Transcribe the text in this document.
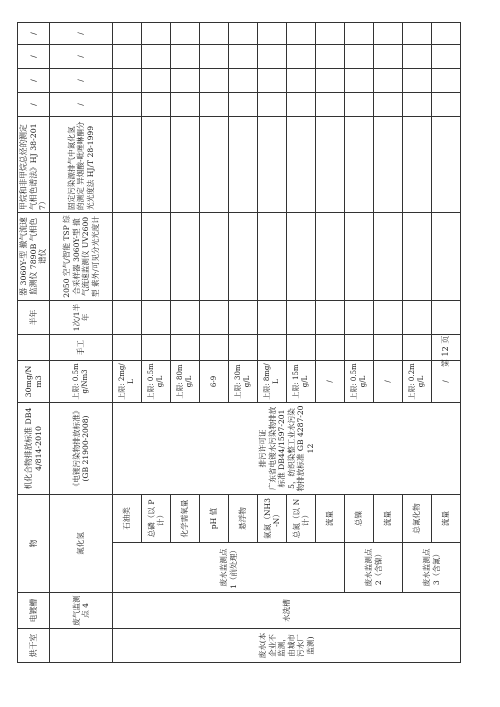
烘干室	电镀槽	物		机化合物排放标准 DB44/814-2010	30mg/Nm3		半年	器 3060Y-型 撤气流速监测仪 7890B 气相色谱仪	甲烷和非甲烷总烃的测定 气相色谱法》HJ 38-2017）	/	/	/	/
	废气监测点 4	氮化氢		《电镀污染物排放标准》(GB 21900-2008)	上限: 0.5mg/Nm3	手工	1次/1半年	2050 空气/智能 TSP 综合采样器 3060Y-型 撤气流速监测仪 UV2600 型 紫外/可见分光光度计	固定污染源排气中氮化氢的测定 异烟酸-吡唑啉酮分光光度法 HJ/T 28-1999	/	/	/	/
废水(本企业不监测，由城市污水厂监测)	水洗槽	废水监测点 1（前处理）	石油类	排污许可证 广东省电镀水污染物排放标准 DB44/1597-2015，纺织染整工业水污染物排放标准 GB 4287-2012	上限: 2mg/L								
			总磷（以 P 计）		上限: 0.5mg/L								
			化学需氧量		上限: 80mg/L								
			pH 值		6-9								
			悬浮物		上限: 30mg/L								
			氨氮（NH3-N）		上限: 8mg/L								
			总氮（以 N 计）		上限: 15mg/L								
			流量		/								
		废水监测点 2（含镍）	总镍		上限: 0.5mg/L								
			流量		/								
		废水监测点 3（含氰）	总氰化物		上限: 0.2mg/L								
			流量		/								
第 12 页
